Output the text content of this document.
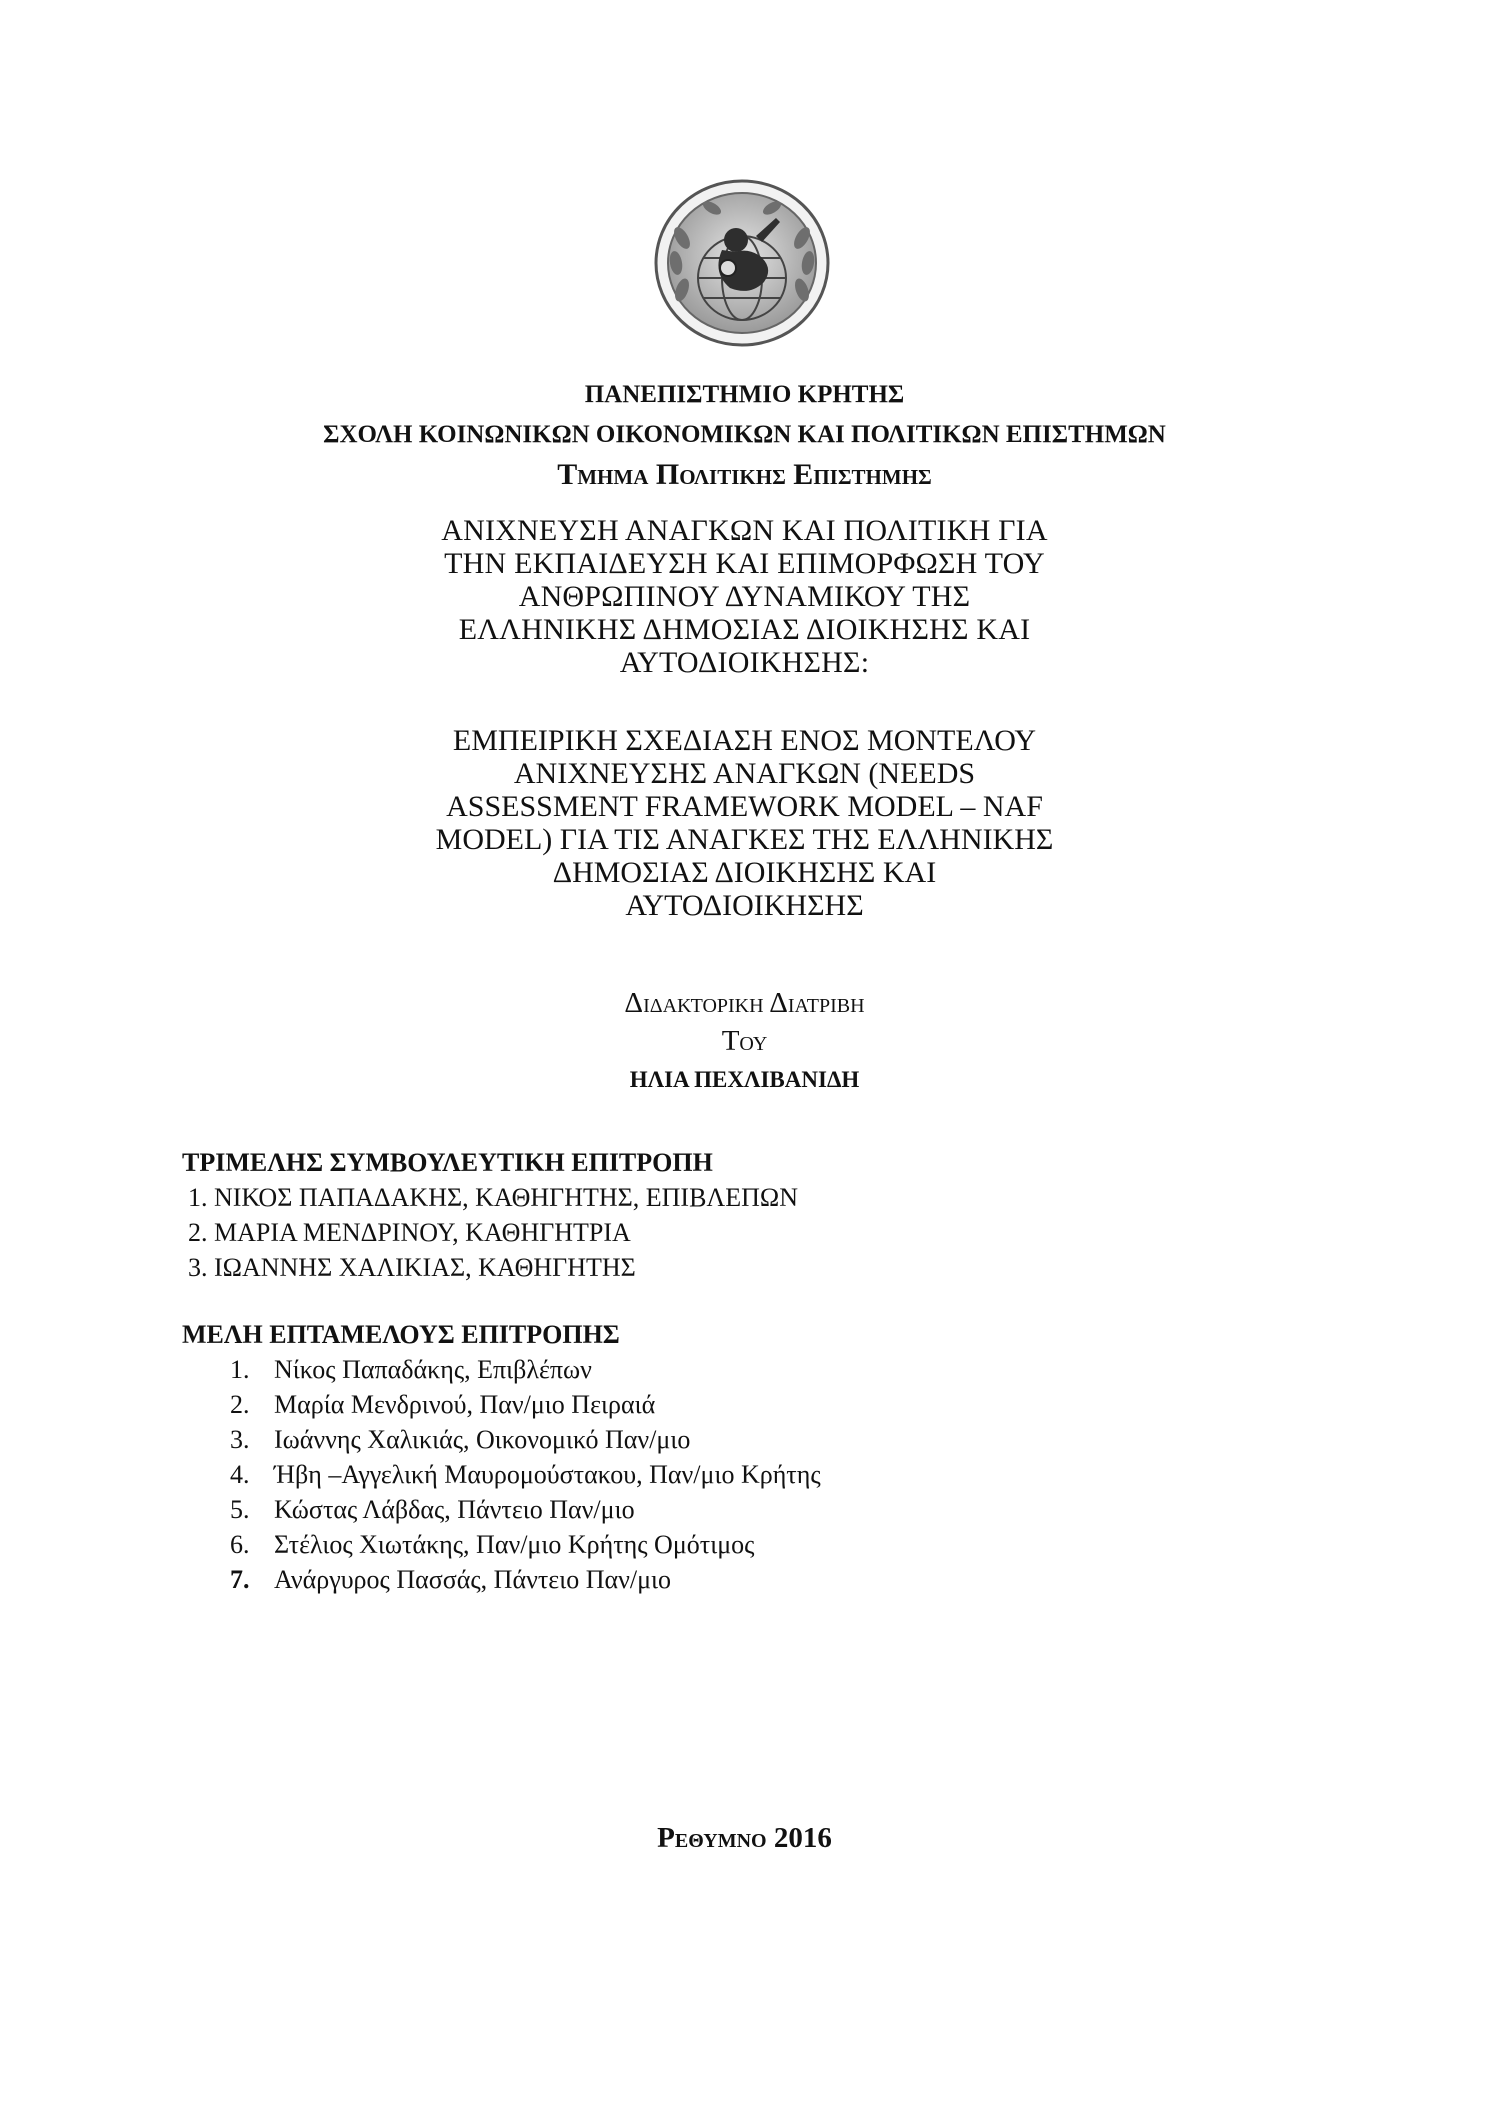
ΠΑΝΕΠΙΣΤΗΜΙΟ ΚΡΗΤΗΣ
ΣΧΟΛΗ ΚΟΙΝΩΝΙΚΩΝ ΟΙΚΟΝΟΜΙΚΩΝ ΚΑΙ ΠΟΛΙΤΙΚΩΝ ΕΠΙΣΤΗΜΩΝ
Τμημα Πολιτικησ Επιστημησ
ΑΝΙΧΝΕΥΣΗ ΑΝΑΓΚΩΝ ΚΑΙ ΠΟΛΙΤΙΚΗ ΓΙΑ
ΤΗΝ ΕΚΠΑΙΔΕΥΣΗ ΚΑΙ ΕΠΙΜΟΡΦΩΣΗ ΤΟΥ
ΑΝΘΡΩΠΙΝΟΥ ΔΥΝΑΜΙΚΟΥ ΤΗΣ
ΕΛΛΗΝΙΚΗΣ ΔΗΜΟΣΙΑΣ ΔΙΟΙΚΗΣΗΣ ΚΑΙ
ΑΥΤΟΔΙΟΙΚΗΣΗΣ:
ΕΜΠΕΙΡΙΚΗ ΣΧΕΔΙΑΣΗ ΕΝΟΣ ΜΟΝΤΕΛΟΥ
ΑΝΙΧΝΕΥΣΗΣ ΑΝΑΓΚΩΝ (NEEDS
ASSESSMENT FRAMEWORK MODEL – NAF
MODEL) ΓΙΑ ΤΙΣ ΑΝΑΓΚΕΣ ΤΗΣ ΕΛΛΗΝΙΚΗΣ
ΔΗΜΟΣΙΑΣ ΔΙΟΙΚΗΣΗΣ ΚΑΙ
ΑΥΤΟΔΙΟΙΚΗΣΗΣ
Διδακτορικη Διατριβη
Του
ΗΛΙΑ ΠΕΧΛΙΒΑΝΙΔΗ
ΤΡΙΜΕΛΗΣ ΣΥΜΒΟΥΛΕΥΤΙΚΗ ΕΠΙΤΡΟΠΗ
1. ΝΙΚΟΣ ΠΑΠΑΔΑΚΗΣ, ΚΑΘΗΓΗΤΗΣ, ΕΠΙΒΛΕΠΩΝ
2. ΜΑΡΙΑ ΜΕΝΔΡΙΝΟΥ, ΚΑΘΗΓΗΤΡΙΑ
3. ΙΩΑΝΝΗΣ ΧΑΛΙΚΙΑΣ, ΚΑΘΗΓΗΤΗΣ
ΜΕΛΗ ΕΠΤΑΜΕΛΟΥΣ ΕΠΙΤΡΟΠΗΣ
1. Νίκος Παπαδάκης, Επιβλέπων
2. Μαρία Μενδρινού, Παν/μιο Πειραιά
3. Ιωάννης Χαλικιάς, Οικονομικό Παν/μιο
4. Ήβη –Αγγελική Μαυρομούστακου, Παν/μιο Κρήτης
5. Κώστας Λάβδας, Πάντειο Παν/μιο
6. Στέλιος Χιωτάκης, Παν/μιο Κρήτης Ομότιμος
7. Ανάργυρος Πασσάς, Πάντειο Παν/μιο
Ρεθυμνο 2016
